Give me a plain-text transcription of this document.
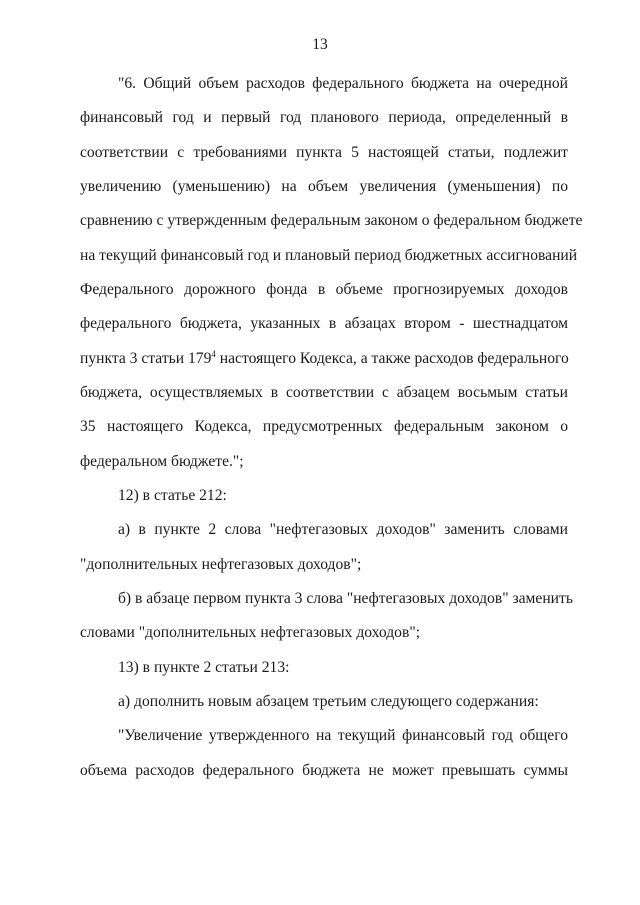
13
"6. Общий объем расходов федерального бюджета на очередной
финансовый год и первый год планового периода, определенный в
соответствии с требованиями пункта 5 настоящей статьи, подлежит
увеличению (уменьшению) на объем увеличения (уменьшения) по
сравнению с утвержденным федеральным законом о федеральном бюджете
на текущий финансовый год и плановый период бюджетных ассигнований
Федерального дорожного фонда в объеме прогнозируемых доходов
федерального бюджета, указанных в абзацах втором - шестнадцатом
пункта 3 статьи $179^4$ настоящего Кодекса, а также расходов федерального
бюджета, осуществляемых в соответствии с абзацем восьмым статьи
35 настоящего Кодекса, предусмотренных федеральным законом о
федеральном бюджете.";
12) в статье 212:
а) в пункте 2 слова "нефтегазовых доходов" заменить словами
"дополнительных нефтегазовых доходов";
б) в абзаце первом пункта 3 слова "нефтегазовых доходов" заменить
словами "дополнительных нефтегазовых доходов";
13) в пункте 2 статьи 213:
а) дополнить новым абзацем третьим следующего содержания:
"Увеличение утвержденного на текущий финансовый год общего
объема расходов федерального бюджета не может превышать суммы
